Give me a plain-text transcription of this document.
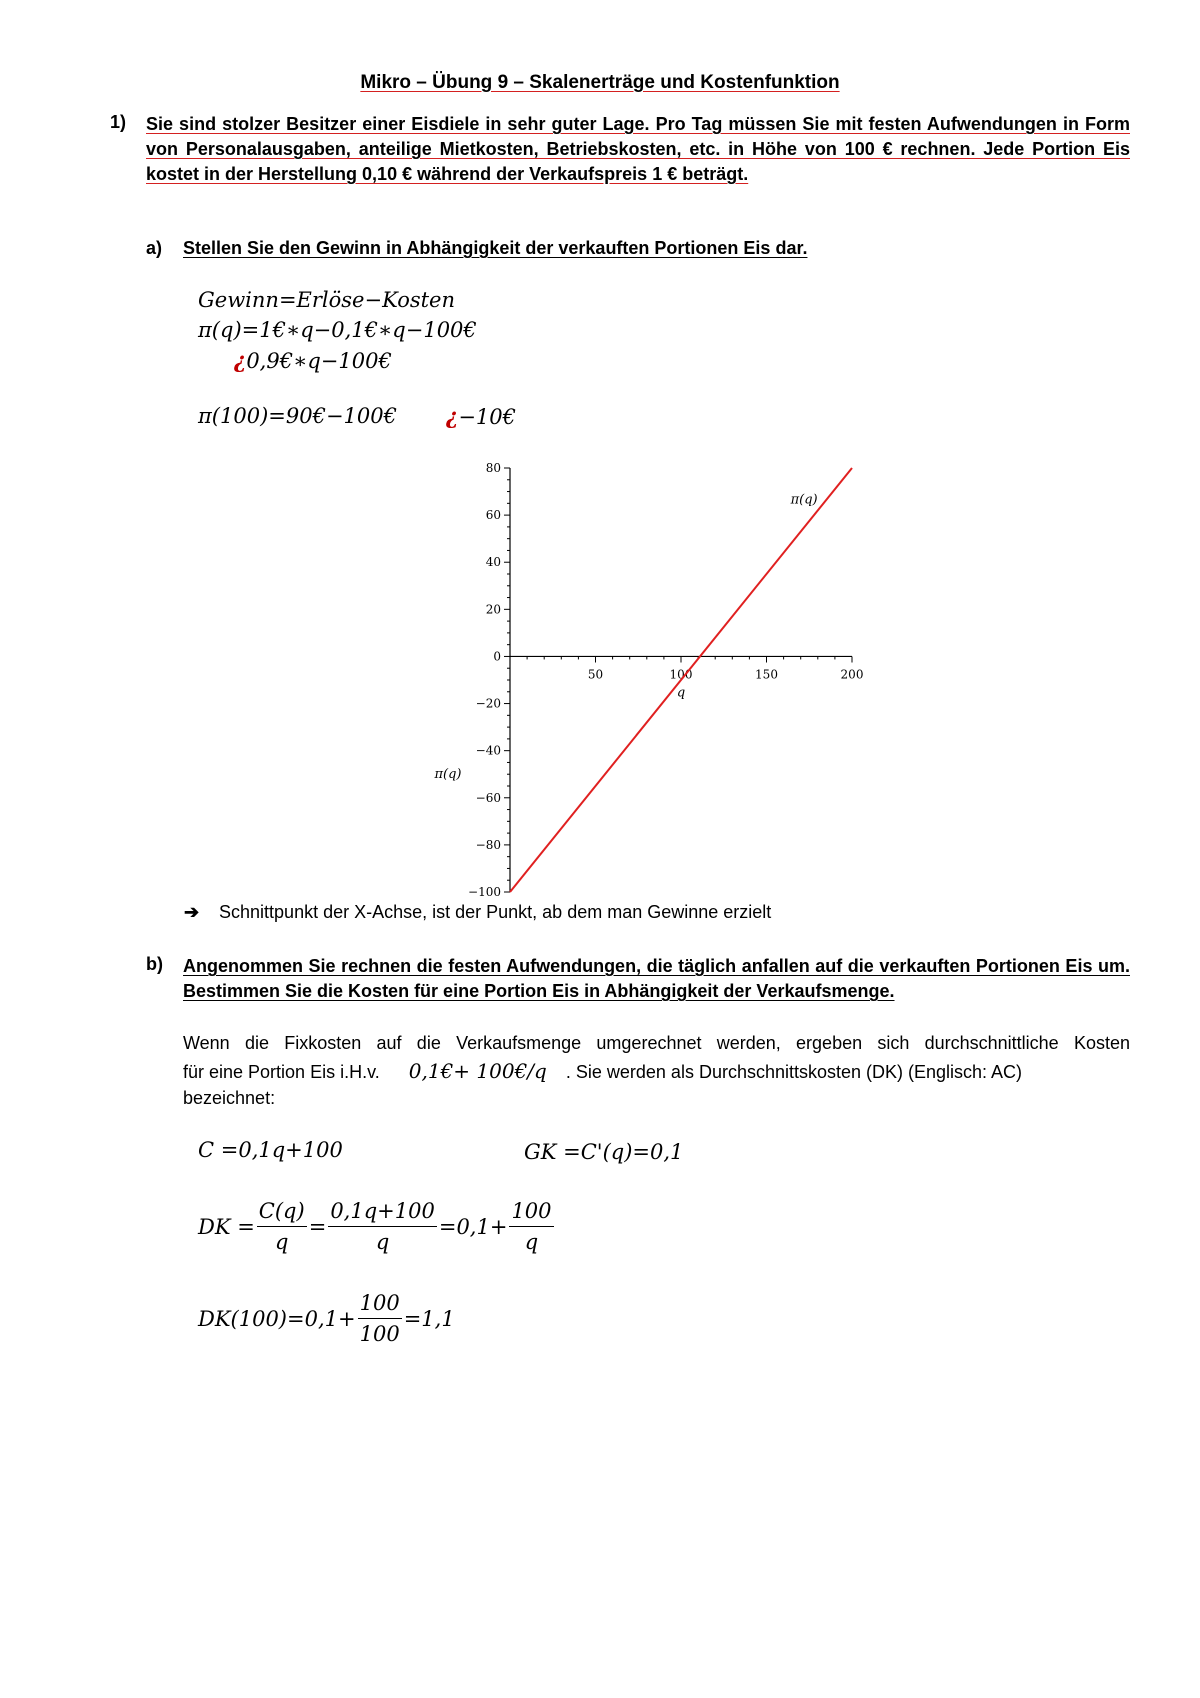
Mikro – Übung 9 – Skalenerträge und Kostenfunktion
1) Sie sind stolzer Besitzer einer Eisdiele in sehr guter Lage. Pro Tag müssen Sie mit festen Aufwendungen in Form von Personalausgaben, anteilige Mietkosten, Betriebskosten, etc. in Höhe von 100 € rechnen. Jede Portion Eis kostet in der Herstellung 0,10 € während der Verkaufspreis 1 € beträgt.
a) Stellen Sie den Gewinn in Abhängigkeit der verkauften Portionen Eis dar.
Gewinn=Erlöse−Kosten
π(q)=1€∗q−0,1€∗q−100€
¿0,9€∗q−100€
π(100)=90€−100€ ¿−10€
80
60
40
20
0
−20
−40
−60
−80
−100
50	100	150	200
q
π(q)
π(q)
➔ Schnittpunkt der X-Achse, ist der Punkt, ab dem man Gewinne erzielt
b) Angenommen Sie rechnen die festen Aufwendungen, die täglich anfallen auf die verkauften Portionen Eis um. Bestimmen Sie die Kosten für eine Portion Eis in Abhängigkeit der Verkaufsmenge.
Wenn die Fixkosten auf die Verkaufsmenge umgerechnet werden, ergeben sich durchschnittliche Kosten
für eine Portion Eis i.H.v. 0,1€+ 100€/q . Sie werden als Durchschnittskosten (DK) (Englisch: AC)
bezeichnet:
C =0,1q+100	GK =C'(q)=0,1
DK = $\frac{C(q)}{q} = \frac{0,1q+100}{q} =0,1+ \frac{100}{q}$
$DK(100)=0,1+ \frac{100}{100} =1,1$
